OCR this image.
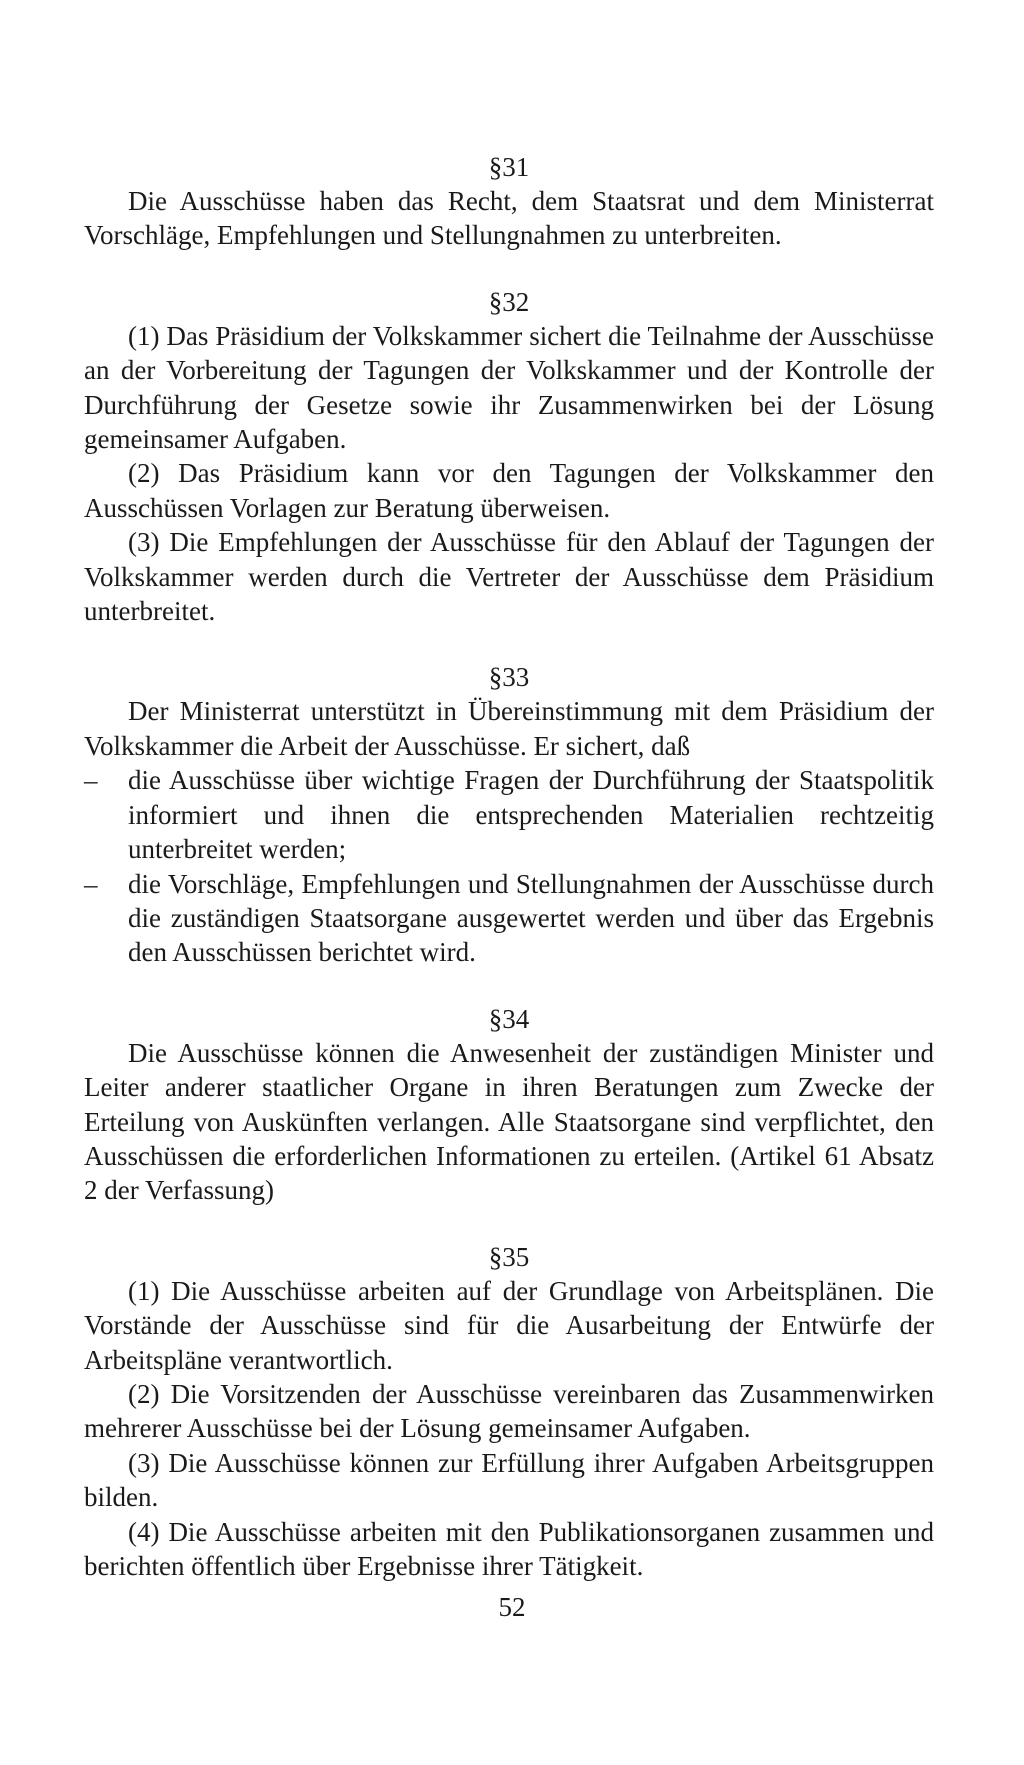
§31

Die Ausschüsse haben das Recht, dem Staatsrat und dem Ministerrat Vorschläge, Empfehlungen und Stellungnahmen zu unterbreiten.

§32

(1) Das Präsidium der Volkskammer sichert die Teilnahme der Ausschüsse an der Vorbereitung der Tagungen der Volkskammer und der Kontrolle der Durchführung der Gesetze sowie ihr Zusammenwirken bei der Lösung gemeinsamer Aufgaben.

(2) Das Präsidium kann vor den Tagungen der Volkskammer den Ausschüssen Vorlagen zur Beratung überweisen.

(3) Die Empfehlungen der Ausschüsse für den Ablauf der Tagungen der Volkskammer werden durch die Vertreter der Ausschüsse dem Präsidium unterbreitet.

§33

Der Ministerrat unterstützt in Übereinstimmung mit dem Präsidium der Volkskammer die Arbeit der Ausschüsse. Er sichert, daß

– die Ausschüsse über wichtige Fragen der Durchführung der Staatspolitik informiert und ihnen die entsprechenden Materialien rechtzeitig unterbreitet werden;
– die Vorschläge, Empfehlungen und Stellungnahmen der Ausschüsse durch die zuständigen Staatsorgane ausgewertet werden und über das Ergebnis den Ausschüssen berichtet wird.
§34

Die Ausschüsse können die Anwesenheit der zuständigen Minister und Leiter anderer staatlicher Organe in ihren Beratungen zum Zwecke der Erteilung von Auskünften verlangen. Alle Staatsorgane sind verpflichtet, den Ausschüssen die erforderlichen Informationen zu erteilen. (Artikel 61 Absatz 2 der Verfassung)

§35

(1) Die Ausschüsse arbeiten auf der Grundlage von Arbeitsplänen. Die Vorstände der Ausschüsse sind für die Ausarbeitung der Entwürfe der Arbeitspläne verantwortlich.

(2) Die Vorsitzenden der Ausschüsse vereinbaren das Zusammenwirken mehrerer Ausschüsse bei der Lösung gemeinsamer Aufgaben.

(3) Die Ausschüsse können zur Erfüllung ihrer Aufgaben Arbeitsgruppen bilden.

(4) Die Ausschüsse arbeiten mit den Publikationsorganen zusammen und berichten öffentlich über Ergebnisse ihrer Tätigkeit.

52
